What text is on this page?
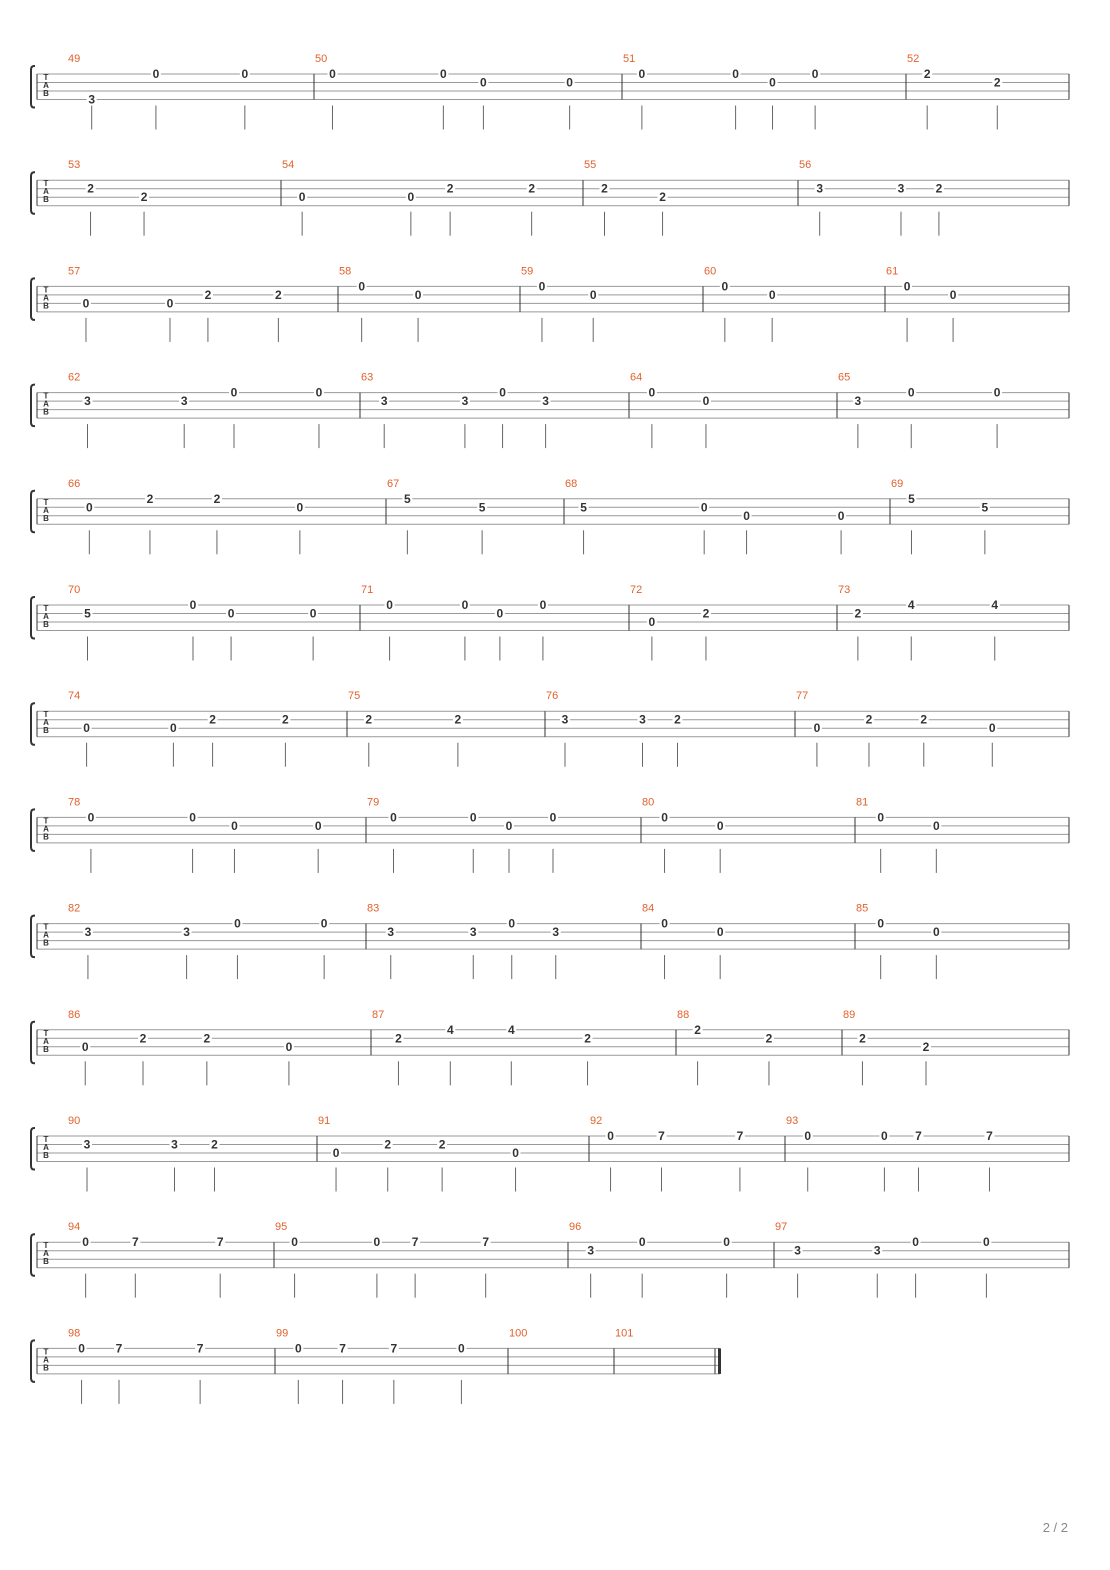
T
A
B
49
3
0	0
50
0	0
0	0
51
0	0
0
0
52
2
2
T
A
B
53
2
2
54
0	0
2	2
55
2
2
56
3	3	2
T
A
B
57
0	0
2	2
58
0
0
59
0
0
60
0
0
61
0
0
T
A
B
62
3	3
0	0
63
3	3
0
3
64
0
0
65
3
0	0
T
A
B
66
0
2	2
0
67
5
5
68
5	0
0	0
69
5
5
T
A
B
70
5
0
0	0
71
0	0
0
0
72
0
2
73
2
4	4
T
A
B
74
0	0
2	2
75
2	2
76
3	3 2
77
0
2	2
0
T
A
B
78
0	0
0	0
79
0	0
0
0
80
0
0
81
0
0
T
A
B
82
3	3
0	0
83
3	3
0
3
84
0
0
85
0
0
T
A
B
86
0
2	2
0
87
2
4	4
2
88
2
2
89
2
2
T
A
B
90
3	3	2
91
0
2	2
0
92
0	7	7
93
0	0 7	7
T
A
B
94
0	7	7
95
0	0	7	7
96
3
0	0
97
3	3
0	0
T
A
B
98
0	7	7
99
0	7	7	0
100	101
2 / 2
